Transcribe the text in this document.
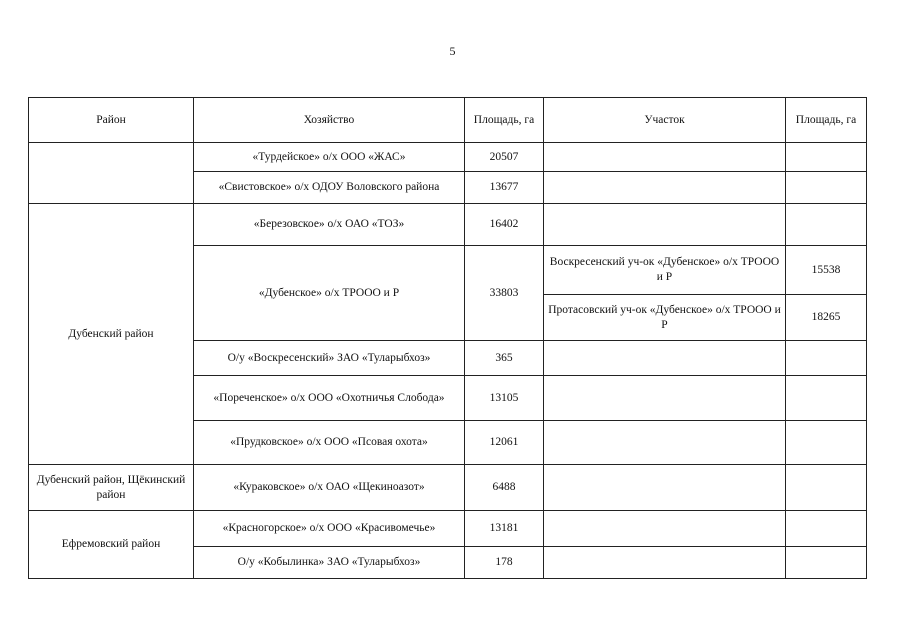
5
Район	Хозяйство	Площадь, га	Участок	Площадь, га
	«Турдейское» о/х ООО «ЖАС»	20507		
	«Свистовское» о/х ОДОУ Воловского района	13677		
Дубенский район	«Березовское» о/х ОАО «ТОЗ»	16402		
	«Дубенское» о/х ТРООО и Р	33803	Воскресенский уч-ок «Дубенское» о/х ТРООО и Р	15538
			Протасовский уч-ок «Дубенское» о/х ТРООО и Р	18265
	О/у «Воскресенский» ЗАО «Туларыбхоз»	365		
	«Пореченское» о/х ООО «Охотничья Слобода»	13105		
	«Прудковское» о/х ООО «Псовая охота»	12061		
Дубенский район, Щёкинский район	«Кураковское» о/х ОАО «Щекиноазот»	6488		
Ефремовский район	«Красногорское» о/х ООО «Красивомечье»	13181		
	О/у «Кобылинка» ЗАО «Туларыбхоз»	178		
